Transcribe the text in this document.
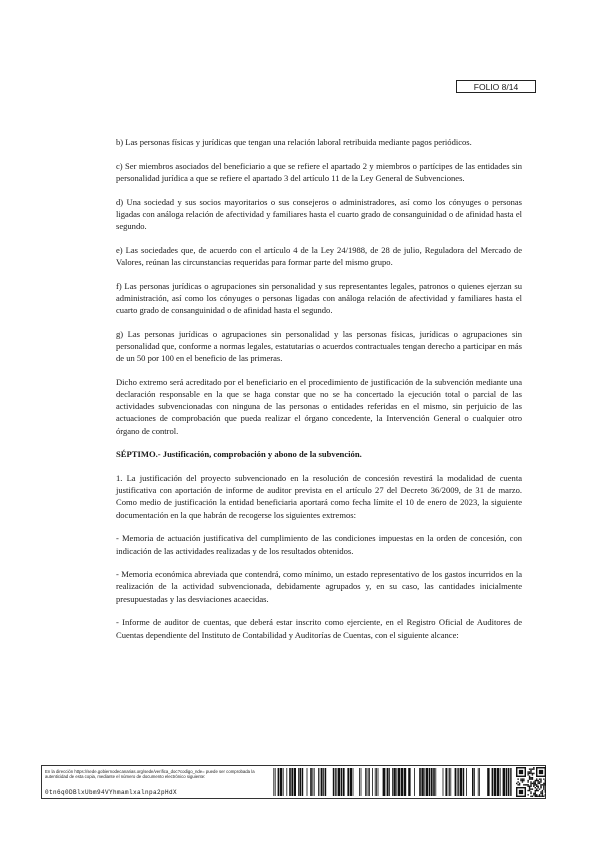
FOLIO 8/14

b) Las personas físicas y jurídicas que tengan una relación laboral retribuida mediante pagos periódicos.

c) Ser miembros asociados del beneficiario a que se refiere el apartado 2 y miembros o partícipes de las entidades sin personalidad jurídica a que se refiere el apartado 3 del artículo 11 de la Ley General de Subvenciones.

d) Una sociedad y sus socios mayoritarios o sus consejeros o administradores, así como los cónyuges o personas ligadas con análoga relación de afectividad y familiares hasta el cuarto grado de consanguinidad o de afinidad hasta el segundo.

e) Las sociedades que, de acuerdo con el artículo 4 de la Ley 24/1988, de 28 de julio, Reguladora del Mercado de Valores, reúnan las circunstancias requeridas para formar parte del mismo grupo.

f) Las personas jurídicas o agrupaciones sin personalidad y sus representantes legales, patronos o quienes ejerzan su administración, así como los cónyuges o personas ligadas con análoga relación de afectividad y familiares hasta el cuarto grado de consanguinidad o de afinidad hasta el segundo.

g) Las personas jurídicas o agrupaciones sin personalidad y las personas físicas, jurídicas o agrupaciones sin personalidad que, conforme a normas legales, estatutarias o acuerdos contractuales tengan derecho a participar en más de un 50 por 100 en el beneficio de las primeras.

Dicho extremo será acreditado por el beneficiario en el procedimiento de justificación de la subvención mediante una declaración responsable en la que se haga constar que no se ha concertado la ejecución total o parcial de las actividades subvencionadas con ninguna de las personas o entidades referidas en el mismo, sin perjuicio de las actuaciones de comprobación que pueda realizar el órgano concedente, la Intervención General o cualquier otro órgano de control.

SÉPTIMO.- Justificación, comprobación y abono de la subvención.

1. La justificación del proyecto subvencionado en la resolución de concesión revestirá la modalidad de cuenta justificativa con aportación de informe de auditor prevista en el artículo 27 del Decreto 36/2009, de 31 de marzo. Como medio de justificación la entidad beneficiaria aportará como fecha límite el 10 de enero de 2023, la siguiente documentación en la que habrán de recogerse los siguientes extremos:

- Memoria de actuación justificativa del cumplimiento de las condiciones impuestas en la orden de concesión, con indicación de las actividades realizadas y de los resultados obtenidos.

- Memoria económica abreviada que contendrá, como mínimo, un estado representativo de los gastos incurridos en la realización de la actividad subvencionada, debidamente agrupados y, en su caso, las cantidades inicialmente presupuestadas y las desviaciones acaecidas.

- Informe de auditor de cuentas, que deberá estar inscrito como ejerciente, en el Registro Oficial de Auditores de Cuentas dependiente del Instituto de Contabilidad y Auditorías de Cuentas, con el siguiente alcance:

En la dirección https://sede.gobiernodecanarias.org/sede/verifica_doc?codigo_nde= puede ser comprobada la autenticidad de esta copia, mediante el número de documento electrónico siguiente:
0tn6q0DBlxUbm94VYhmamlxalnpa2pHdX
